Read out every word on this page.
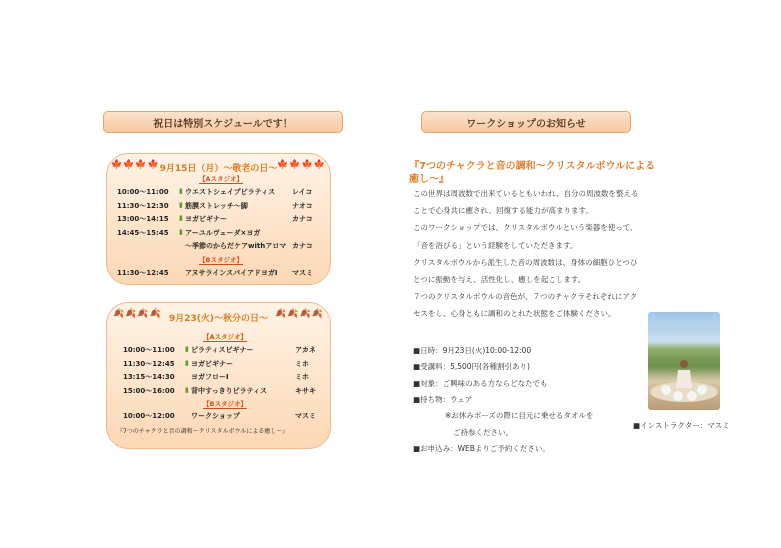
祝日は特別スケジュールです！	ワークショップのお知らせ
🍁🍁🍁🍁 9月15日（月）～敬老の日～ 🍁🍁🍁🍁
【Aスタジオ】
10:00～11:00 ▮ ウエストシェイプピラティス レイコ
11:30～12:30 ▮ 筋膜ストレッチ～脚	ナオコ
13:00～14:15 ▮ ヨガビギナー	カナコ
14:45～15:45 ▮ アーユルヴェーダ×ヨガ
～季節のからだケアwithアロマ カナコ
【Bスタジオ】
11:30～12:45 アヌサラインスパイアドヨガⅠ マスミ
🍂🍂🍂🍂 9月23(火)～秋分の日～ 🍂🍂🍂🍂
【Aスタジオ】
10:00～11:00 ▮ ピラティスビギナー	アカネ
11:30～12:45 ▮ ヨガビギナー	ミホ
13:15～14:30 ヨガフローⅠ	ミホ
15:00～16:00 ▮ 背中すっきりピラティス	キサキ
【Bスタジオ】
10:00～12:00 ワークショップ	マスミ
『7つのチャクラと音の調和～クリスタルボウルによる癒し～』
『7つのチャクラと音の調和～クリスタルボウルによる癒し～』
この世界は周波数で出来ているともいわれ、自分の周波数を整える
ことで心身共に癒され、回復する能力が高まります。
このワークショップでは、クリスタルボウルという楽器を使って、
「音を浴びる」という経験をしていただきます。
クリスタルボウルから派生した音の周波数は、身体の細胞ひとつひ
とつに振動を与え、活性化し、癒しを起こします。
７つのクリスタルボウルの音色が、７つのチャクラそれぞれにアク
セスをし、心身ともに調和のとれた状態をご体験ください。
■日時：9月23日(火)10:00-12:00
■受講料：5,500円(各種割引あり)
■対象：ご興味のある方ならどなたでも
■持ち物：ウェア
※お休みポーズの際に目元に乗せるタオルを
ご持参ください。
■お申込み：WEBよりご予約ください。
■インストラクター：マスミ
